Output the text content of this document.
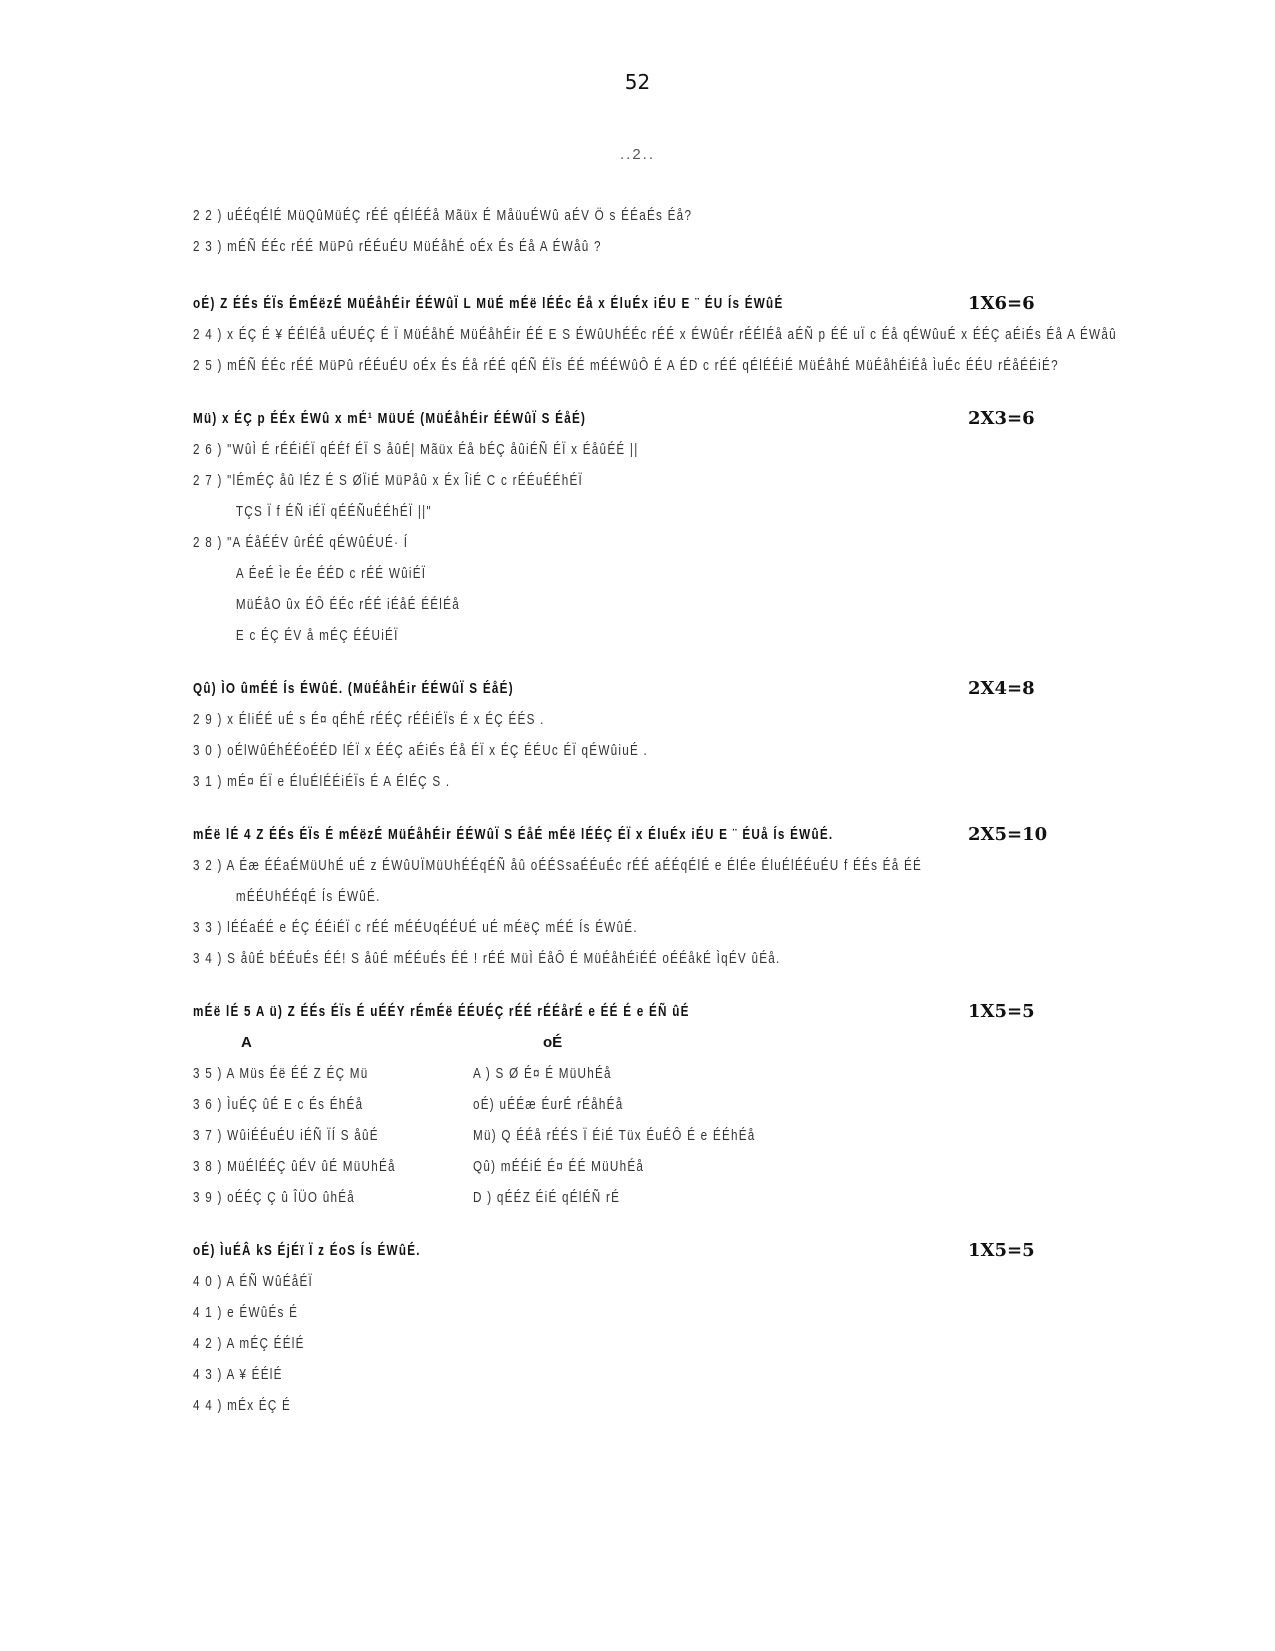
52
..2..
2 2 ) uÉÉqÉlÉ MüQûMüÉÇ rÉÉ qÉlÉÉå Mãüx É MåüuÉWû aÉV Ö s ÉÉaÉs Éå?
2 3 ) mÉÑ ÉÉc rÉÉ MüPû rÉÉuÉU MüÉåhÉ oÉx És Éå A ÉWåû ?
oÉ) Z ÉÉs ÉÏs ÉmÉëzÉ MüÉåhÉir ÉÉWûÏ L MüÉ mÉë lÉÉc Éå x ÉluÉx iÉU E ¨ ÉU Ís ÉWûÉ	1X6=6
2 4 ) x ÉÇ É ¥ ÉÉlÉå uÉUÉÇ É Ï MüÉåhÉ MüÉåhÉir ÉÉ E S ÉWûUhÉÉc rÉÉ x ÉWûÉr rÉÉlÉå aÉÑ p ÉÉ uÏ c Éå qÉWûuÉ x ÉÉÇ aÉiÉs Éå A ÉWåû
2 5 ) mÉÑ ÉÉc rÉÉ MüPû rÉÉuÉU oÉx És Éå rÉÉ qÉÑ ÉÏs ÉÉ mÉÉWûÔ É A ÉD c rÉÉ qÉlÉÉiÉ MüÉåhÉ MüÉåhÉiÉå ÌuÉc ÉÉU rÉåÉÉiÉ?
Mü) x ÉÇ p ÉÉx ÉWû x mÉ¹ MüUÉ (MüÉåhÉir ÉÉWûÏ S ÉåÉ)	2X3=6
2 6 ) "WûÌ É rÉÉiÉÏ qÉÉf ÉÏ S åûÉ| Mãüx Éå bÉÇ åûiÉÑ ÉÏ x ÉåûÉÉ ||
2 7 ) "lÉmÉÇ åû lÉZ É S ØÏiÉ MüPåû x Éx ÎiÉ C c rÉÉuÉÉhÉÏ
TÇS Ï f ÉÑ iÉÏ qÉÉÑuÉÉhÉÏ ||"
2 8 ) "A ÉåÉÉV ûrÉÉ qÉWûÉUÉ· Í
A ÉeÉ Ìe Ée ÉÉD c rÉÉ WûiÉÏ
MüÉåO ûx ÉÔ ÉÉc rÉÉ iÉåÉ ÉÉlÉå
E c ÉÇ ÉV å mÉÇ ÉÉUiÉÏ
Qû) ÌO ûmÉÉ Ís ÉWûÉ. (MüÉåhÉir ÉÉWûÏ S ÉåÉ)	2X4=8
2 9 ) x ÉliÉÉ uÉ s É¤ qÉhÉ rÉÉÇ rÉÉiÉÏs É x ÉÇ ÉÉS .
3 0 ) oÉlWûÉhÉÉoÉÉD lÉÏ x ÉÉÇ aÉiÉs Éå ÉÏ x ÉÇ ÉÉUc ÉÏ qÉWûiuÉ .
3 1 ) mÉ¤ ÉÏ e ÉluÉlÉÉiÉÏs É A ÉlÉÇ S .
mÉë lÉ 4 Z ÉÉs ÉÏs É mÉëzÉ MüÉåhÉir ÉÉWûÏ S ÉåÉ mÉë lÉÉÇ ÉÏ x ÉluÉx iÉU E ¨ ÉUå Ís ÉWûÉ.	2X5=10
3 2 ) A Éæ ÉÉaÉMüUhÉ uÉ z ÉWûUÏMüUhÉÉqÉÑ åû oÉÉSsaÉÉuÉc rÉÉ aÉÉqÉlÉ e ÉlÉe ÉluÉlÉÉuÉU f ÉÉs Éå ÉÉ
mÉÉUhÉÉqÉ Ís ÉWûÉ.
3 3 ) lÉÉaÉÉ e ÉÇ ÉÉiÉÏ c rÉÉ mÉÉUqÉÉUÉ uÉ mÉëÇ mÉÉ Ís ÉWûÉ.
3 4 ) S åûÉ bÉÉuÉs ÉÉ! S åûÉ mÉÉuÉs ÉÉ ! rÉÉ MüÌ ÉåÔ É MüÉåhÉiÉÉ oÉÉåkÉ ÌqÉV ûÉå.
mÉë lÉ 5 A ü) Z ÉÉs ÉÏs É uÉÉY rÉmÉë ÉÉUÉÇ rÉÉ rÉÉårÉ e ÉÉ É e ÉÑ ûÉ	1X5=5
A	oÉ
3 5 ) A Müs Éë ÉÉ Z ÉÇ Mü	A ) S Ø É¤ É MüUhÉå
3 6 ) ÌuÉÇ ûÉ E c És ÉhÉå	oÉ) uÉÉæ ÉurÉ rÉåhÉå
3 7 ) WûiÉÉuÉU iÉÑ ÏÍ S åûÉ	Mü) Q ÉÉå rÉÉS Ï ÉiÉ Tüx ÉuÉÔ É e ÉÉhÉå
3 8 ) MüÉlÉÉÇ ûÉV ûÉ MüUhÉå	Qû) mÉÉiÉ É¤ ÉÉ MüUhÉå
3 9 ) oÉÉÇ Ç û ÎÜO ûhÉå	D ) qÉÉZ ÉiÉ qÉlÉÑ rÉ
oÉ) ÌuÉÂ kS ÉjÉï Ï z ÉoS Ís ÉWûÉ.	1X5=5
4 0 ) A ÉÑ WûÉåÉÏ
4 1 ) e ÉWûÉs É
4 2 ) A mÉÇ ÉÉlÉ
4 3 ) A ¥ ÉÉlÉ
4 4 ) mÉx ÉÇ É
